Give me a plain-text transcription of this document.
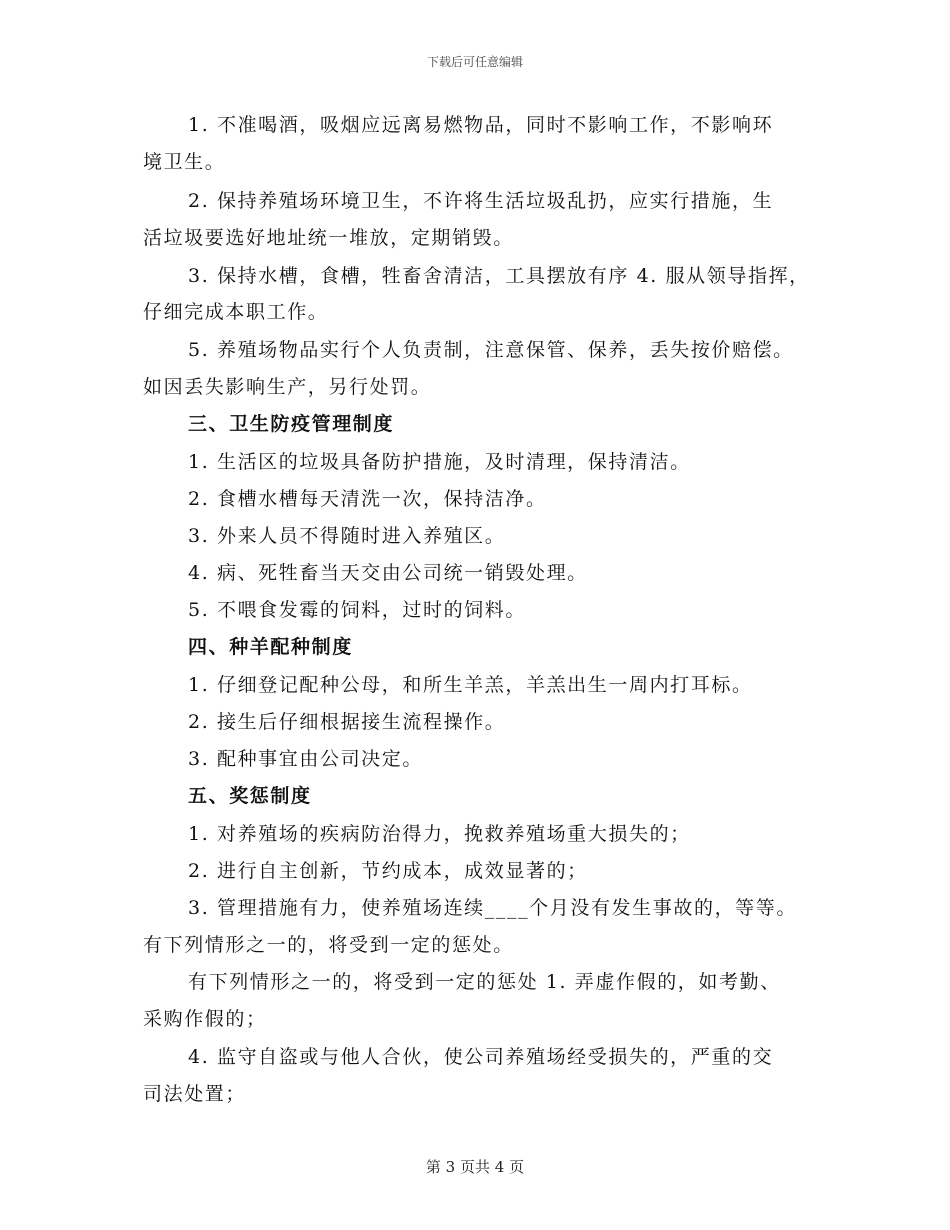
下载后可任意编辑
1. 不准喝酒，吸烟应远离易燃物品，同时不影响工作，不影响环
境卫生。
2. 保持养殖场环境卫生，不许将生活垃圾乱扔，应实行措施，生
活垃圾要选好地址统一堆放，定期销毁。
3. 保持水槽，食槽，牲畜舍清洁，工具摆放有序 4. 服从领导指挥，
仔细完成本职工作。
5. 养殖场物品实行个人负责制，注意保管、保养，丢失按价赔偿。
如因丢失影响生产，另行处罚。
三、卫生防疫管理制度
1. 生活区的垃圾具备防护措施，及时清理，保持清洁。
2. 食槽水槽每天清洗一次，保持洁净。
3. 外来人员不得随时进入养殖区。
4. 病、死牲畜当天交由公司统一销毁处理。
5. 不喂食发霉的饲料，过时的饲料。
四、种羊配种制度
1. 仔细登记配种公母，和所生羊羔，羊羔出生一周内打耳标。
2. 接生后仔细根据接生流程操作。
3. 配种事宜由公司决定。
五、奖惩制度
1. 对养殖场的疾病防治得力，挽救养殖场重大损失的；
2. 进行自主创新，节约成本，成效显著的；
3. 管理措施有力，使养殖场连续____个月没有发生事故的，等等。
有下列情形之一的，将受到一定的惩处。
有下列情形之一的，将受到一定的惩处 1. 弄虚作假的，如考勤、
采购作假的；
4. 监守自盗或与他人合伙，使公司养殖场经受损失的，严重的交
司法处置；
第 3 页共 4 页
